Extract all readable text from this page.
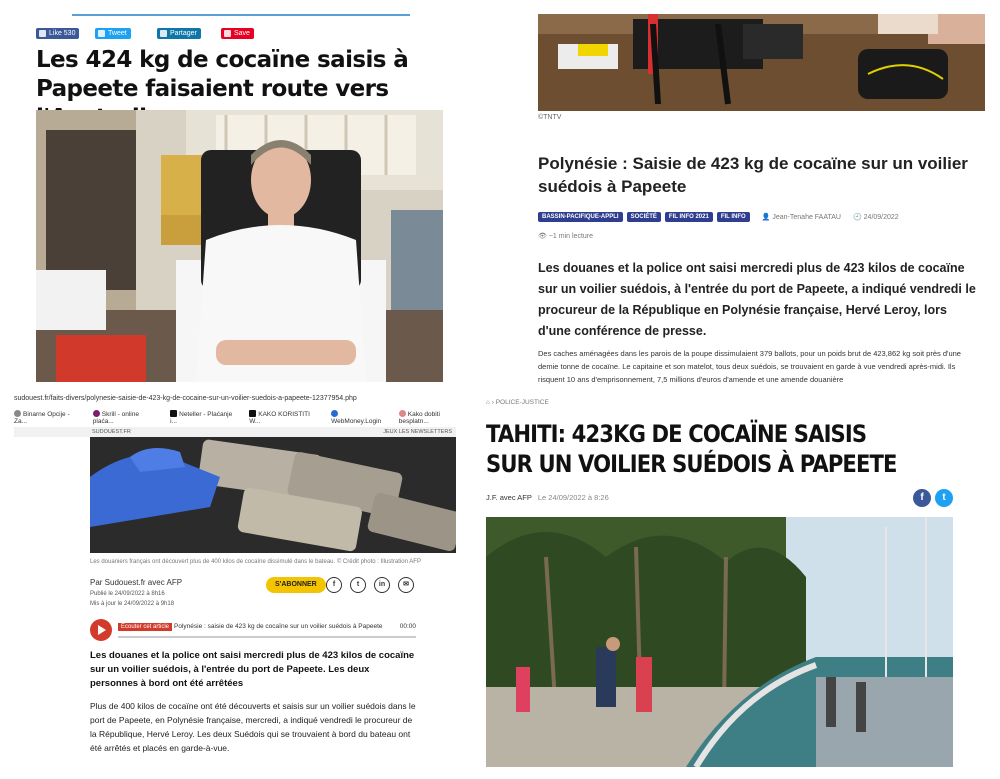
Like 530	Tweet	Partager	Save
Les 424 kg de cocaïne saisis à Papeete faisaient route vers
©TNTV
Polynésie : Saisie de 423 kg de cocaïne sur un voilier suédois à Papeete
BASSIN-PACIFIQUE-APPLI	SOCIÉTÉ	FIL INFO 2021	FIL INFO	👤 Jean-Tenahe FAATAU 🕘 24/09/2022
👁 ~1 min lecture

Les douanes et la police ont saisi mercredi plus de 423 kilos de cocaïne sur un voilier suédois, à l'entrée du port de Papeete, a indiqué vendredi le procureur de la République en Polynésie française, Hervé Leroy, lors d'une conférence de presse.

Des caches aménagées dans les parois de la poupe dissimulaient 379 ballots, pour un poids brut de 423,862 kg soit près d'une demie tonne de cocaïne. Le capitaine et son matelot, tous deux suédois, se trouvaient en garde à vue vendredi après-midi. Ils risquent 10 ans d'emprisonnement, 7,5 millions d'euros d'amende et une amende douanière

sudouest.fr/faits-divers/polynesie-saisie-de-423-kg-de-cocaine-sur-un-voilier-suedois-a-papeete-12377954.php
Binarne Opcije - Za...
Skrill - online plaća...
Neteller - Plaćanje i...
KAKO KORISTITI W...	WebMoney.Login
Kako dobiti besplatn...
SUDOUEST.FR	JEUX LES NEWSLETTERS
Les douaniers français ont découvert plus de 400 kilos de cocaïne dissimulé dans le bateau. © Crédit photo : Illustration AFP
Par Sudouest.fr avec AFP
Publié le 24/09/2022 à 8h16
Mis à jour le 24/09/2022 à 9h18
S'ABONNER	f	t	in	✉
Écouter cet article Polynésie : saisie de 423 kg de cocaïne sur un voilier suédois à Papeete	00:00

Les douanes et la police ont saisi mercredi plus de 423 kilos de cocaïne sur un voilier suédois, à l'entrée du port de Papeete. Les deux personnes à bord ont été arrêtées

Plus de 400 kilos de cocaïne ont été découverts et saisis sur un voilier suédois dans le port de Papeete, en Polynésie française, mercredi, a indiqué vendredi le procureur de la République, Hervé Leroy. Les deux Suédois qui se trouvaient à bord du bateau ont été arrêtés et placés en garde-à-vue.

⌂ › POLICE-JUSTICE
TAHITI: 423KG DE COCAÏNE SAISIS SUR UN VOILIER SUÉDOIS À PAPEETE
J.F. avec AFP Le 24/09/2022 à 8:26	f	t
